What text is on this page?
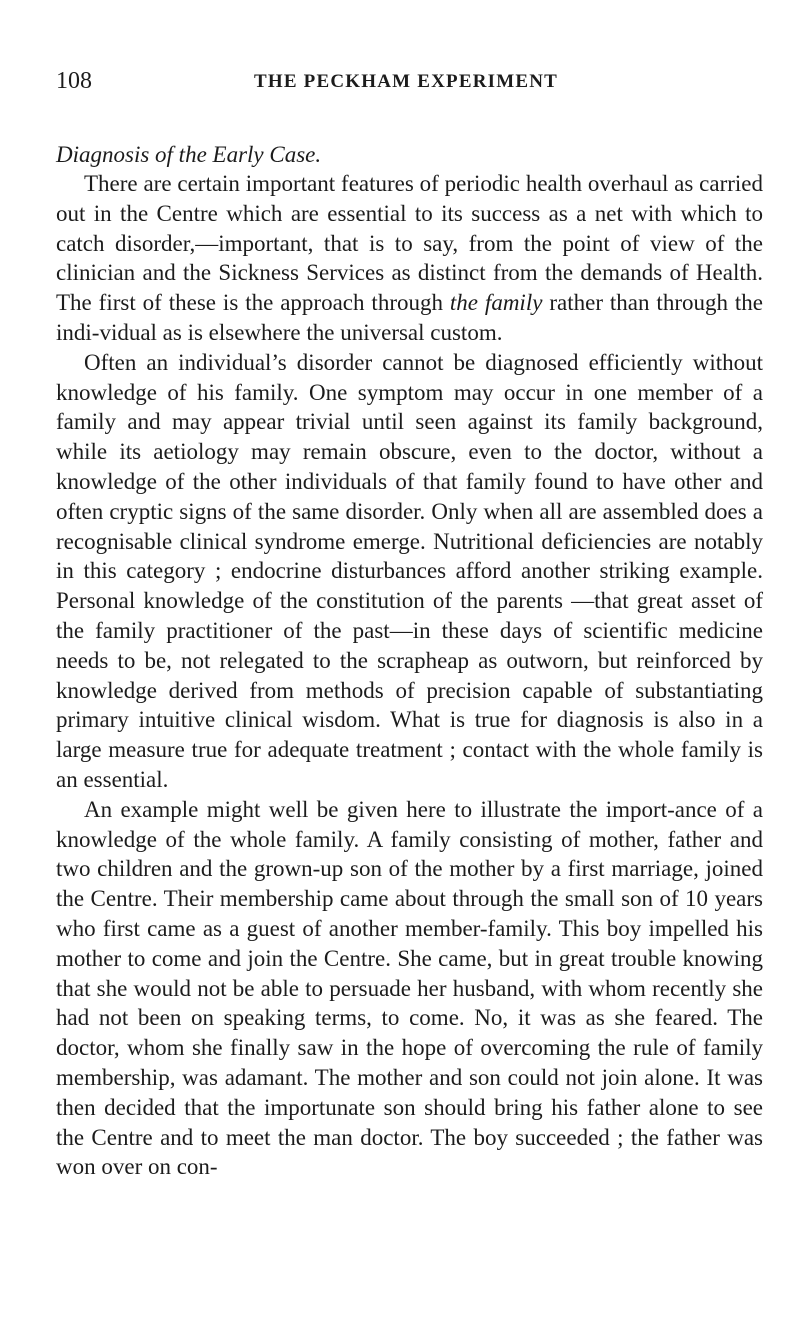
108	THE PECKHAM EXPERIMENT
Diagnosis of the Early Case.

There are certain important features of periodic health overhaul as carried out in the Centre which are essential to its success as a net with which to catch disorder,—important, that is to say, from the point of view of the clinician and the Sickness Services as distinct from the demands of Health. The first of these is the approach through the family rather than through the indi-vidual as is elsewhere the universal custom.

Often an individual’s disorder cannot be diagnosed efficiently without knowledge of his family. One symptom may occur in one member of a family and may appear trivial until seen against its family background, while its aetiology may remain obscure, even to the doctor, without a knowledge of the other individuals of that family found to have other and often cryptic signs of the same disorder. Only when all are assembled does a recognisable clinical syndrome emerge. Nutritional deficiencies are notably in this category ; endocrine disturbances afford another striking example. Personal knowledge of the constitution of the parents —that great asset of the family practitioner of the past—in these days of scientific medicine needs to be, not relegated to the scrapheap as outworn, but reinforced by knowledge derived from methods of precision capable of substantiating primary intuitive clinical wisdom. What is true for diagnosis is also in a large measure true for adequate treatment ; contact with the whole family is an essential.

An example might well be given here to illustrate the import-ance of a knowledge of the whole family. A family consisting of mother, father and two children and the grown-up son of the mother by a first marriage, joined the Centre. Their membership came about through the small son of 10 years who first came as a guest of another member-family. This boy impelled his mother to come and join the Centre. She came, but in great trouble knowing that she would not be able to persuade her husband, with whom recently she had not been on speaking terms, to come. No, it was as she feared. The doctor, whom she finally saw in the hope of overcoming the rule of family membership, was adamant. The mother and son could not join alone. It was then decided that the importunate son should bring his father alone to see the Centre and to meet the man doctor. The boy succeeded ; the father was won over on con-
